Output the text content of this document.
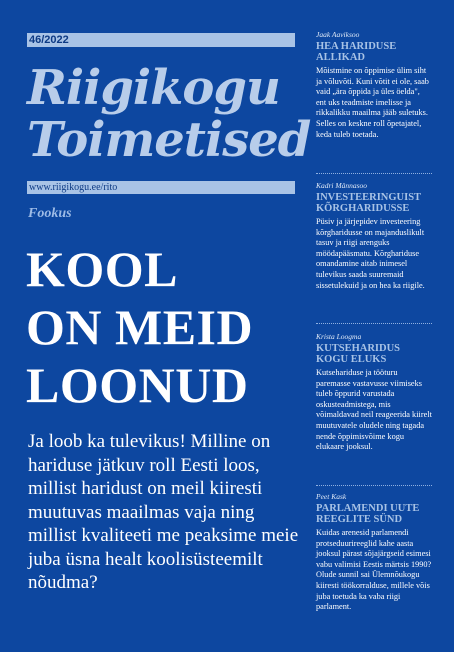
46/2022
Riigikogu
Toimetised
www.riigikogu.ee/rito
Fookus
KOOL
ON MEID
LOONUD
Ja loob ka tulevikus! Milline on hariduse jätkuv roll Eesti loos, millist haridust on meil kiiresti muutuvas maailmas vaja ning millist kvaliteeti me peaksime meie juba üsna healt koolisüsteemilt nõudma?
Jaak Aaviksoo
HEA HARIDUSE ALLIKAD
Mõistmine on õppimise ülim siht ja võluvõti. Kuni võtit ei ole, saab vaid „ära õppida ja üles öelda", ent uks teadmiste imelisse ja rikkalikku maailma jääb suletuks. Selles on keskne roll õpetajatel, keda tuleb toetada.
Kadri Männasoo
INVESTEERINGUIST KÕRGHARIDUSSE
Püsiv ja järjepidev investeering kõrgharidusse on majanduslikult tasuv ja riigi arenguks möödapääsmatu. Kõrghariduse omandamine aitab inimesel tulevikus saada suuremaid sissetulekuid ja on hea ka riigile.
Krista Loogma
KUTSEHARIDUS KOGU ELUKS
Kutsehariduse ja tööturu paremasse vastavusse viimiseks tuleb õppurid varustada oskusteadmistega, mis võimaldavad neil reageerida kiirelt muutuvatele oludele ning tagada nende õppimisvõime kogu elukaare jooksul.
Peet Kask
PARLAMENDI UUTE REEGLITE SÜND
Kuidas arenesid parlamendi protseduurireeglid kahe aasta jooksul pärast sõjajärgseid esimesi vabu valimisi Eestis märtsis 1990? Olude sunnil sai Ülemnõukogu kiiresti töökorralduse, millele võis juba toetuda ka vaba riigi parlament.
